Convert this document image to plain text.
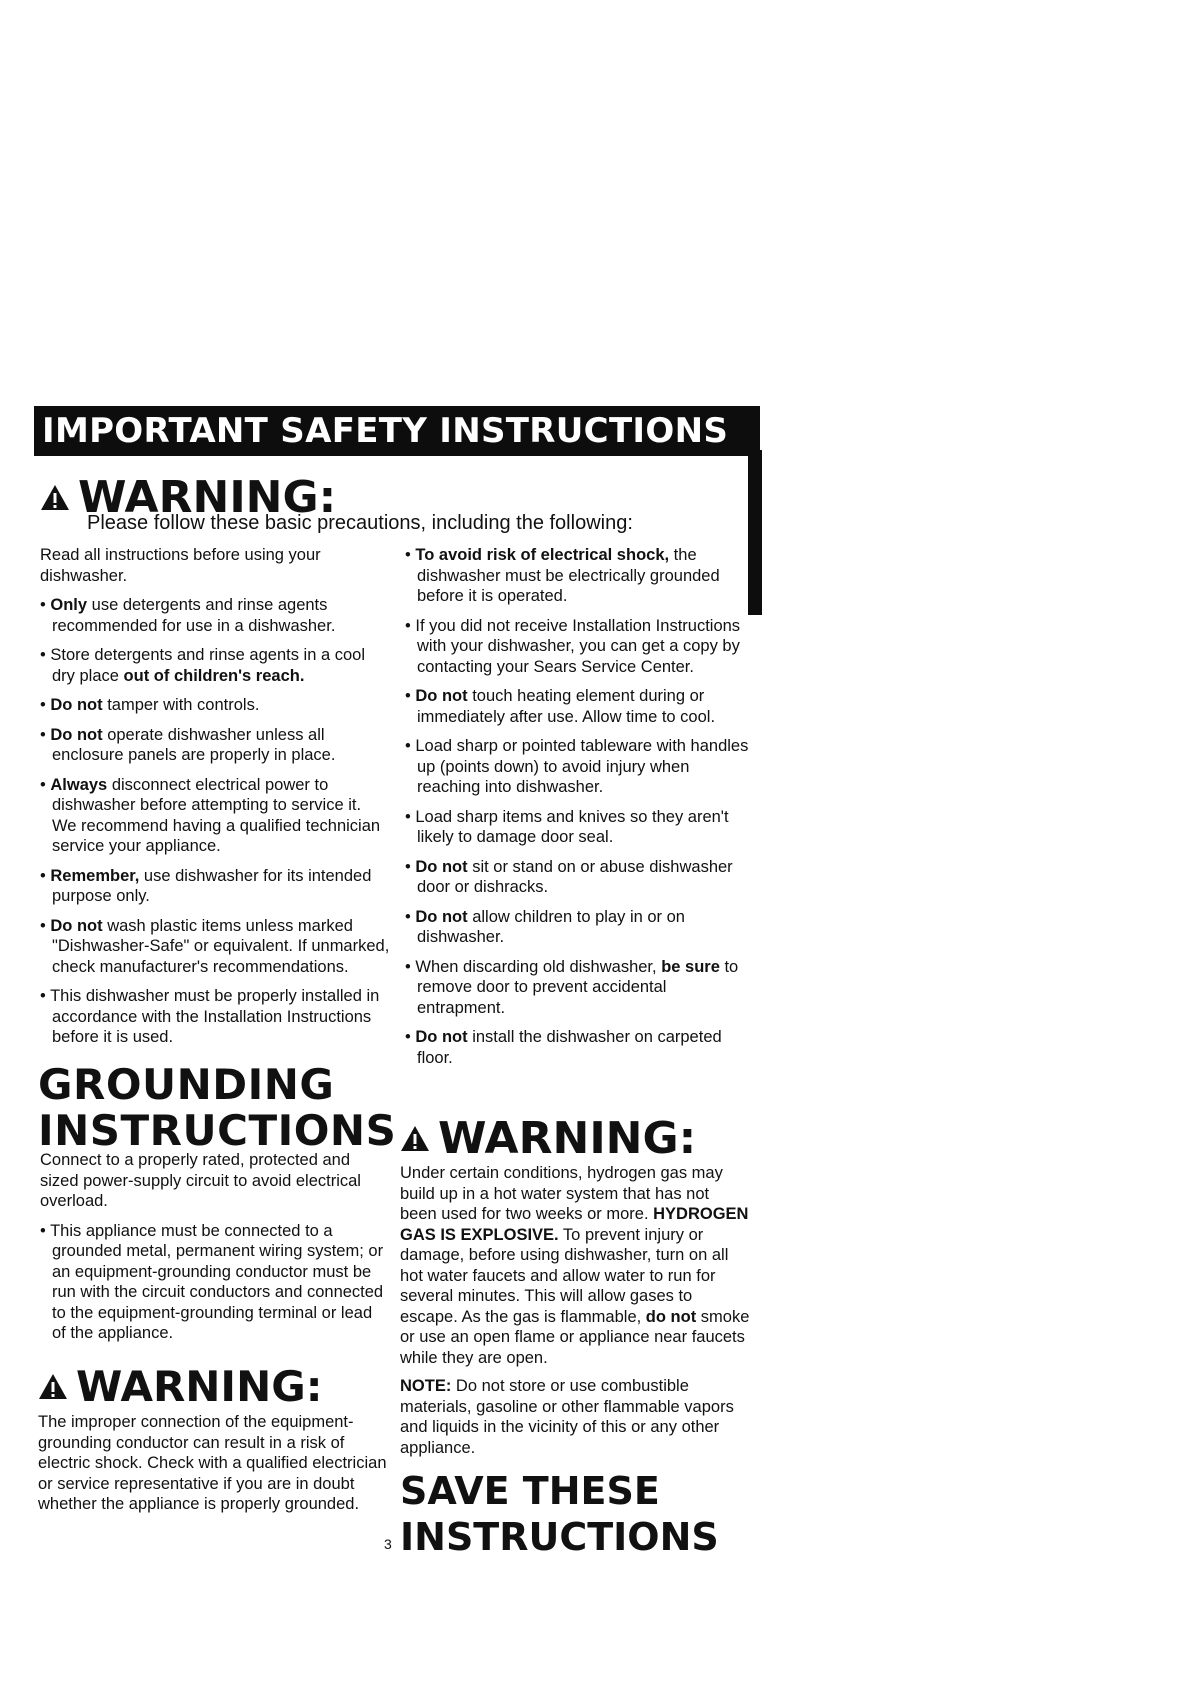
IMPORTANT SAFETY INSTRUCTIONS
WARNING:
Please follow these basic precautions, including the following:

Read all instructions before using your dishwasher.

• Only use detergents and rinse agents recommended for use in a dishwasher.

• Store detergents and rinse agents in a cool dry place out of children's reach.

• Do not tamper with controls.

• Do not operate dishwasher unless all enclosure panels are properly in place.

• Always disconnect electrical power to dishwasher before attempting to service it. We recommend having a qualified technician service your appliance.

• Remember, use dishwasher for its intended purpose only.

• Do not wash plastic items unless marked "Dishwasher-Safe" or equivalent. If unmarked, check manufacturer's recommendations.

• This dishwasher must be properly installed in accordance with the Installation Instructions before it is used.

• To avoid risk of electrical shock, the dishwasher must be electrically grounded before it is operated.

• If you did not receive Installation Instructions with your dishwasher, you can get a copy by contacting your Sears Service Center.

• Do not touch heating element during or immediately after use. Allow time to cool.

• Load sharp or pointed tableware with handles up (points down) to avoid injury when reaching into dishwasher.

• Load sharp items and knives so they aren't likely to damage door seal.

• Do not sit or stand on or abuse dishwasher door or dishracks.

• Do not allow children to play in or on dishwasher.

• When discarding old dishwasher, be sure to remove door to prevent accidental entrapment.

• Do not install the dishwasher on carpeted floor.

GROUNDING
INSTRUCTIONS

Connect to a properly rated, protected and sized power-supply circuit to avoid electrical overload.

• This appliance must be connected to a grounded metal, permanent wiring system; or an equipment-grounding conductor must be run with the circuit conductors and connected to the equipment-grounding terminal or lead of the appliance.

WARNING:
The improper connection of the equipment-grounding conductor can result in a risk of electric shock. Check with a qualified electrician or service representative if you are in doubt whether the appliance is properly grounded.
WARNING:

Under certain conditions, hydrogen gas may build up in a hot water system that has not been used for two weeks or more. HYDROGEN GAS IS EXPLOSIVE. To prevent injury or damage, before using dishwasher, turn on all hot water faucets and allow water to run for several minutes. This will allow gases to escape. As the gas is flammable, do not smoke or use an open flame or appliance near faucets while they are open.

NOTE: Do not store or use combustible materials, gasoline or other flammable vapors and liquids in the vicinity of this or any other appliance.

SAVE THESE
INSTRUCTIONS
3
